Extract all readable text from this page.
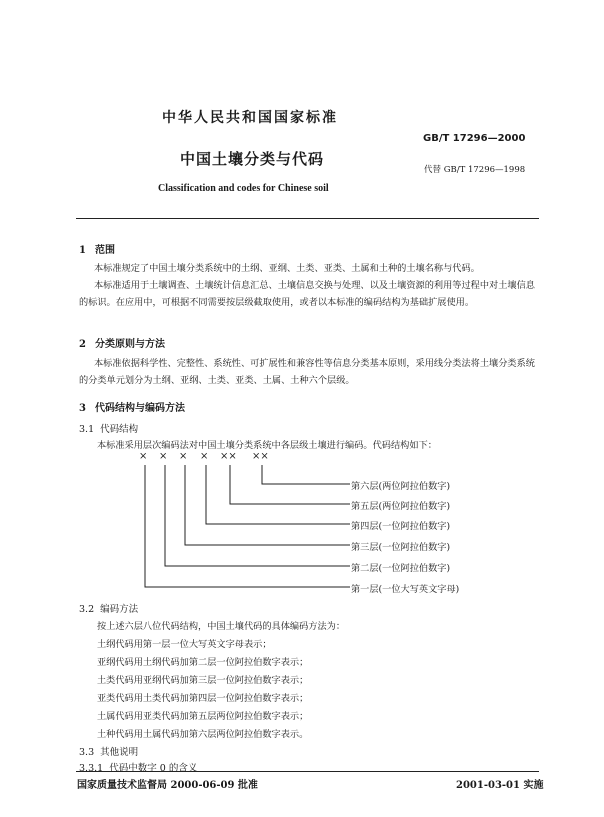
中华人民共和国国家标准
GB/T 17296—2000
中国土壤分类与代码
代替 GB/T 17296—1998
Classification and codes for Chinese soil
1 范围
本标准规定了中国土壤分类系统中的土纲、亚纲、土类、亚类、土属和土种的土壤名称与代码。
本标准适用于土壤调查、土壤统计信息汇总、土壤信息交换与处理、以及土壤资源的利用等过程中对土壤信息的标识。在应用中，可根据不同需要按层级截取使用，或者以本标准的编码结构为基础扩展使用。
2 分类原则与方法
本标准依据科学性、完整性、系统性、可扩展性和兼容性等信息分类基本原则，采用线分类法将土壤分类系统的分类单元划分为土纲、亚纲、土类、亚类、土属、土种六个层级。
3 代码结构与编码方法
3.1 代码结构
本标准采用层次编码法对中国土壤分类系统中各层级土壤进行编码。代码结构如下：
× × × × ×× ××
第六层(两位阿拉伯数字)
第五层(两位阿拉伯数字)
第四层(一位阿拉伯数字)
第三层(一位阿拉伯数字)
第二层(一位阿拉伯数字)
第一层(一位大写英文字母)
3.2 编码方法
按上述六层八位代码结构，中国土壤代码的具体编码方法为：
土纲代码用第一层一位大写英文字母表示；
亚纲代码用土纲代码加第二层一位阿拉伯数字表示；
土类代码用亚纲代码加第三层一位阿拉伯数字表示；
亚类代码用土类代码加第四层一位阿拉伯数字表示；
土属代码用亚类代码加第五层两位阿拉伯数字表示；
土种代码用土属代码加第六层两位阿拉伯数字表示。
3.3 其他说明
3.3.1 代码中数字 0 的含义
国家质量技术监督局 2000-06-09 批准	2001-03-01 实施
